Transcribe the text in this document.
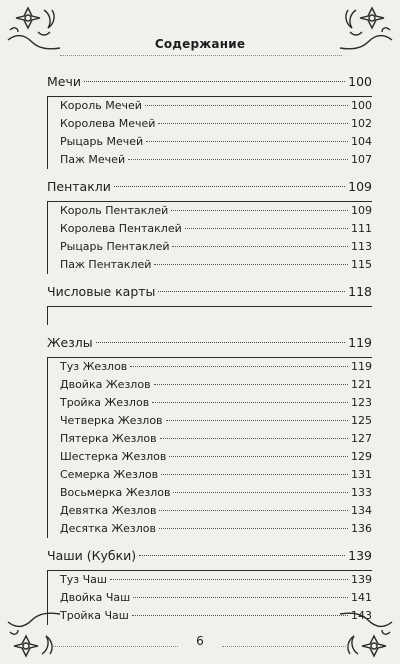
Содержание
Мечи	100
Король Мечей	100
Королева Мечей	102
Рыцарь Мечей	104
Паж Мечей	107
Пентакли	109
Король Пентаклей	109
Королева Пентаклей	111
Рыцарь Пентаклей	113
Паж Пентаклей	115
Числовые карты	118
Жезлы	119
Туз Жезлов	119
Двойка Жезлов	121
Тройка Жезлов	123
Четверка Жезлов	125
Пятерка Жезлов	127
Шестерка Жезлов	129
Семерка Жезлов	131
Восьмерка Жезлов	133
Девятка Жезлов	134
Десятка Жезлов	136
Чаши (Кубки)	139
Туз Чаш	139
Двойка Чаш	141
Тройка Чаш	143
6
